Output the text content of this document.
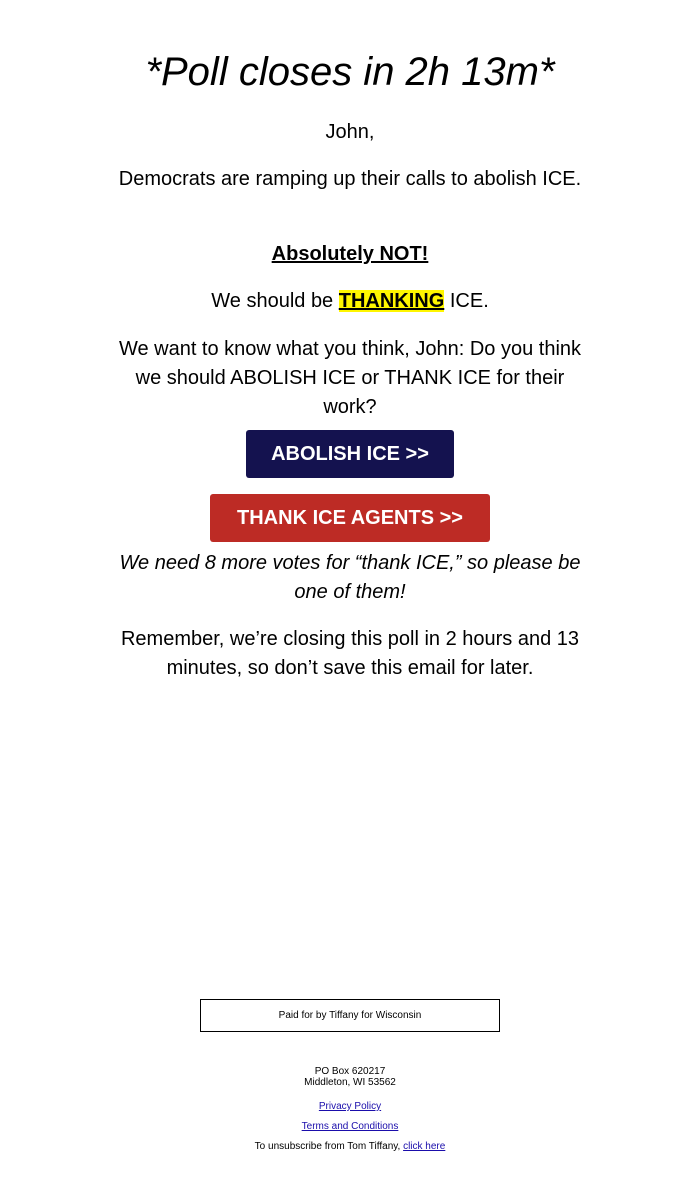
*Poll closes in 2h 13m*

John,

Democrats are ramping up their calls to abolish ICE.

Absolutely NOT!

We should be THANKING ICE.

We want to know what you think, John: Do you think we should ABOLISH ICE or THANK ICE for their work?

ABOLISH ICE >>
THANK ICE AGENTS >>

We need 8 more votes for “thank ICE,” so please be one of them!

Remember, we’re closing this poll in 2 hours and 13 minutes, so don’t save this email for later.

Paid for by Tiffany for Wisconsin
PO Box 620217
Middleton, WI 53562
Privacy Policy
Terms and Conditions
To unsubscribe from Tom Tiffany, click here
